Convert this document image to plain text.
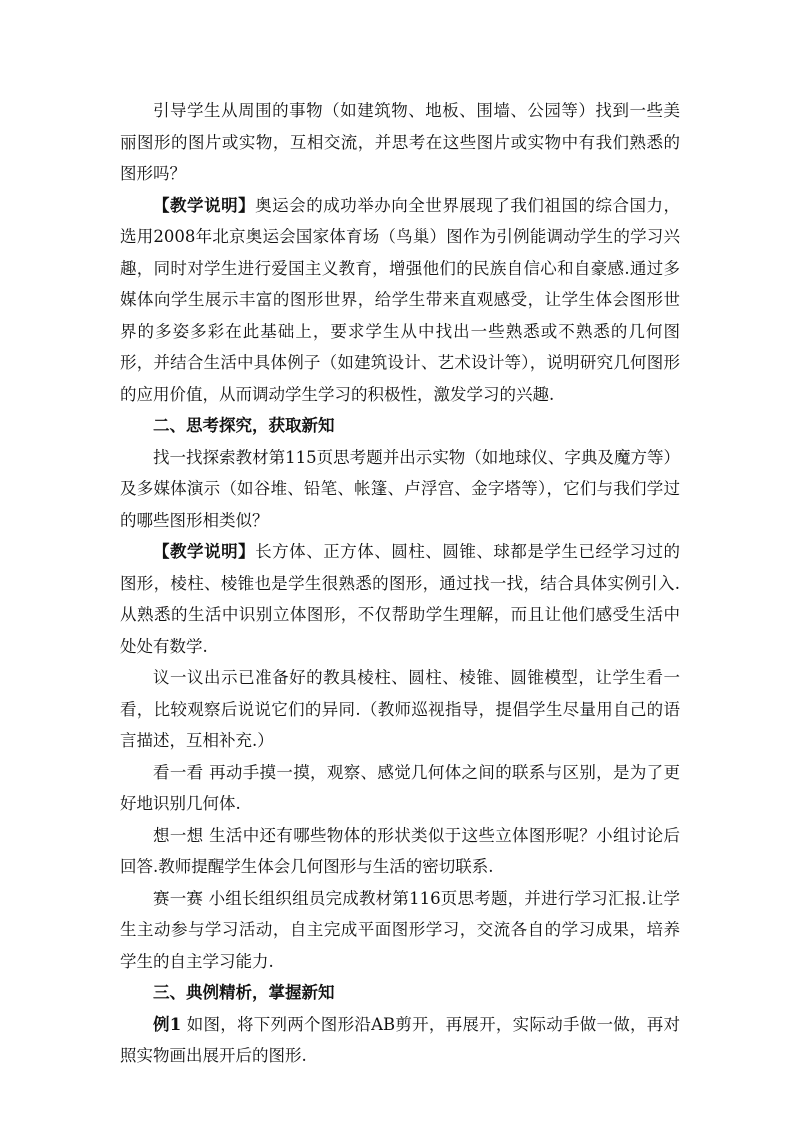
引导学生从周围的事物（如建筑物、地板、围墙、公园等）找到一些美丽图形的图片或实物，互相交流，并思考在这些图片或实物中有我们熟悉的图形吗？

【教学说明】奥运会的成功举办向全世界展现了我们祖国的综合国力，选用2008年北京奥运会国家体育场（鸟巢）图作为引例能调动学生的学习兴趣，同时对学生进行爱国主义教育，增强他们的民族自信心和自豪感.通过多媒体向学生展示丰富的图形世界，给学生带来直观感受，让学生体会图形世界的多姿多彩在此基础上，要求学生从中找出一些熟悉或不熟悉的几何图形，并结合生活中具体例子（如建筑设计、艺术设计等），说明研究几何图形的应用价值，从而调动学生学习的积极性，激发学习的兴趣.

二、思考探究，获取新知

找一找探索教材第115页思考题并出示实物（如地球仪、字典及魔方等）及多媒体演示（如谷堆、铅笔、帐篷、卢浮宫、金字塔等），它们与我们学过的哪些图形相类似？

【教学说明】长方体、正方体、圆柱、圆锥、球都是学生已经学习过的图形，棱柱、棱锥也是学生很熟悉的图形，通过找一找，结合具体实例引入.从熟悉的生活中识别立体图形，不仅帮助学生理解，而且让他们感受生活中处处有数学.

议一议出示已准备好的教具棱柱、圆柱、棱锥、圆锥模型，让学生看一看，比较观察后说说它们的异同.（教师巡视指导，提倡学生尽量用自己的语言描述，互相补充.）

看一看 再动手摸一摸，观察、感觉几何体之间的联系与区别，是为了更好地识别几何体.

想一想 生活中还有哪些物体的形状类似于这些立体图形呢？小组讨论后回答.教师提醒学生体会几何图形与生活的密切联系.

赛一赛 小组长组织组员完成教材第116页思考题，并进行学习汇报.让学生主动参与学习活动，自主完成平面图形学习，交流各自的学习成果，培养学生的自主学习能力.

三、典例精析，掌握新知

例1 如图，将下列两个图形沿AB剪开，再展开，实际动手做一做，再对照实物画出展开后的图形.
